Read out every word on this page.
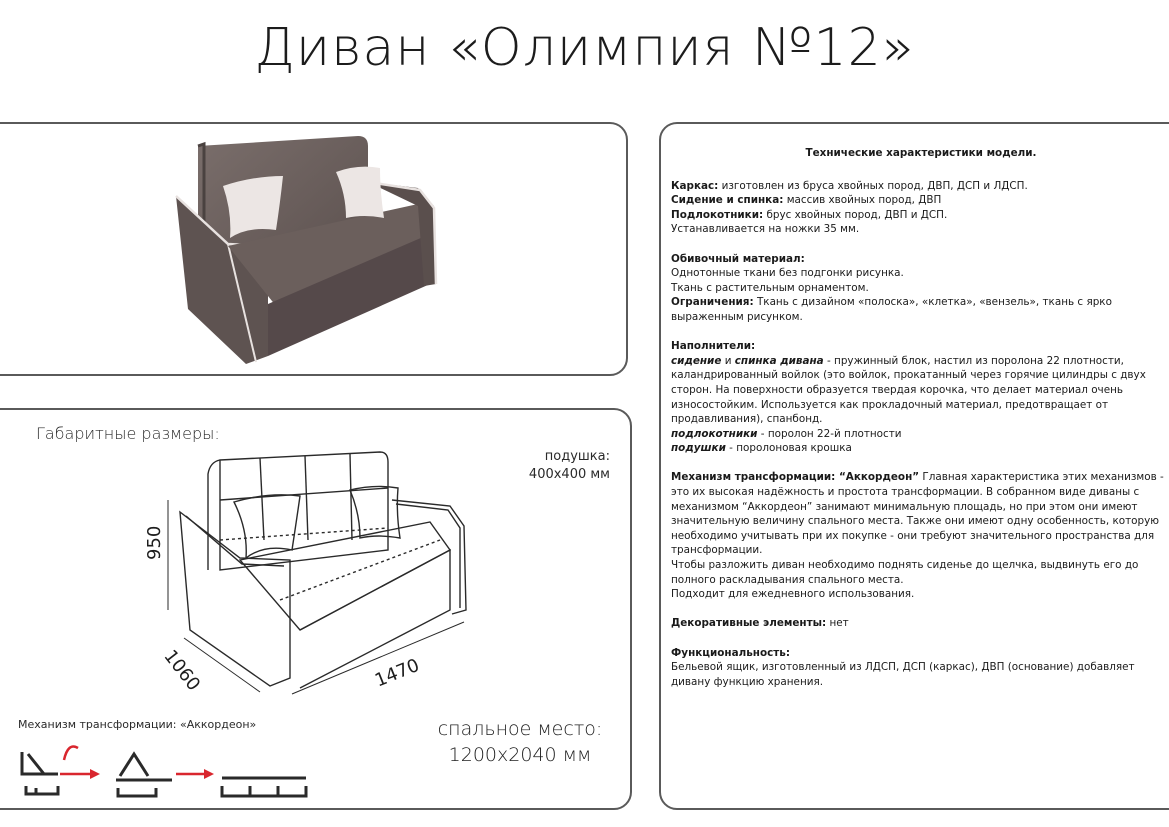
Диван «Олимпия №12»
Габаритные размеры:
подушка:
400х400 мм
950
1060	1470
Механизм трансформации: «Аккордеон»	спальное место:
1200х2040 мм
Технические характеристики модели.

Каркас: изготовлен из бруса хвойных пород, ДВП, ДСП и ЛДСП.

Сидение и спинка: массив хвойных пород, ДВП

Подлокотники: брус хвойных пород, ДВП и ДСП.

Устанавливается на ножки 35 мм.

Обивочный материал:

Однотонные ткани без подгонки рисунка.

Ткань с растительным орнаментом.

Ограничения: Ткань с дизайном «полоска», «клетка», «вензель», ткань с ярко выраженным рисунком.

Наполнители:

сидение и спинка дивана - пружинный блок, настил из поролона 22 плотности, каландрированный войлок (это войлок, прокатанный через горячие цилиндры с двух сторон. На поверхности образуется твердая корочка, что делает материал очень износостойким. Используется как прокладочный материал, предотвращает от продавливания), спанбонд.

подлокотники - поролон 22-й плотности

подушки - поролоновая крошка

Механизм трансформации: “Аккордеон” Главная характеристика этих механизмов - это их высокая надёжность и простота трансформации. В собранном виде диваны с механизмом “Аккордеон” занимают минимальную площадь, но при этом они имеют значительную величину спального места. Также они имеют одну особенность, которую необходимо учитывать при их покупке - они требуют значительного пространства для трансформации.

Чтобы разложить диван необходимо поднять сиденье до щелчка, выдвинуть его до полного раскладывания спального места.

Подходит для ежедневного использования.

Декоративные элементы: нет

Функциональность:

Бельевой ящик, изготовленный из ЛДСП, ДСП (каркас), ДВП (основание) добавляет дивану функцию хранения.
